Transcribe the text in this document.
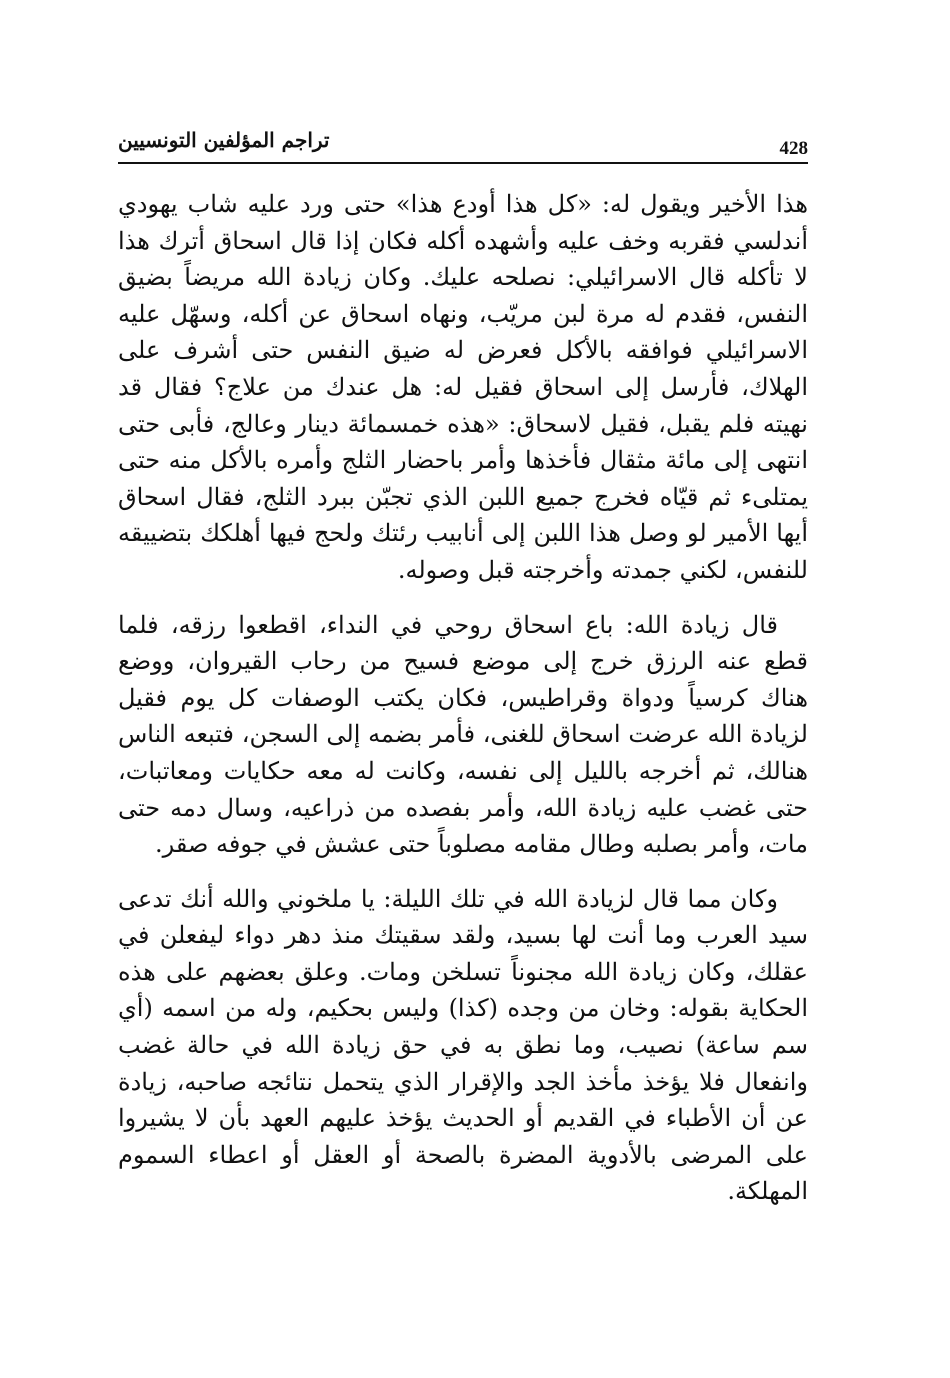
تراجم المؤلفين التونسيين	428

هذا الأخير ويقول له: «كل هذا أودع هذا» حتى ورد عليه شاب يهودي أندلسي فقربه وخف عليه وأشهده أكله فكان إذا قال اسحاق أترك هذا لا تأكله قال الاسرائيلي: نصلحه عليك. وكان زيادة الله مريضاً بضيق النفس، فقدم له مرة لبن مريّب، ونهاه اسحاق عن أكله، وسهّل عليه الاسرائيلي فوافقه بالأكل فعرض له ضيق النفس حتى أشرف على الهلاك، فأرسل إلى اسحاق فقيل له: هل عندك من علاج؟ فقال قد نهيته فلم يقبل، فقيل لاسحاق: «هذه خمسمائة دينار وعالج، فأبى حتى انتهى إلى مائة مثقال فأخذها وأمر باحضار الثلج وأمره بالأكل منه حتى يمتلىء ثم قيّاه فخرج جميع اللبن الذي تجبّن ببرد الثلج، فقال اسحاق أيها الأمير لو وصل هذا اللبن إلى أنابيب رئتك ولحج فيها أهلكك بتضييقه للنفس، لكني جمدته وأخرجته قبل وصوله.

قال زيادة الله: باع اسحاق روحي في النداء، اقطعوا رزقه، فلما قطع عنه الرزق خرج إلى موضع فسيح من رحاب القيروان، ووضع هناك كرسياً ودواة وقراطيس، فكان يكتب الوصفات كل يوم فقيل لزيادة الله عرضت اسحاق للغنى، فأمر بضمه إلى السجن، فتبعه الناس هنالك، ثم أخرجه بالليل إلى نفسه، وكانت له معه حكايات ومعاتبات، حتى غضب عليه زيادة الله، وأمر بفصده من ذراعيه، وسال دمه حتى مات، وأمر بصلبه وطال مقامه مصلوباً حتى عشش في جوفه صقر.

وكان مما قال لزيادة الله في تلك الليلة: يا ملخوني والله أنك تدعى سيد العرب وما أنت لها بسيد، ولقد سقيتك منذ دهر دواء ليفعلن في عقلك، وكان زيادة الله مجنوناً تسلخن ومات. وعلق بعضهم على هذه الحكاية بقوله: وخان من وجده (كذا) وليس بحكيم، وله من اسمه (أي سم ساعة) نصيب، وما نطق به في حق زيادة الله في حالة غضب وانفعال فلا يؤخذ مأخذ الجد والإقرار الذي يتحمل نتائجه صاحبه، زيادة عن أن الأطباء في القديم أو الحديث يؤخذ عليهم العهد بأن لا يشيروا على المرضى بالأدوية المضرة بالصحة أو العقل أو اعطاء السموم المهلكة.
